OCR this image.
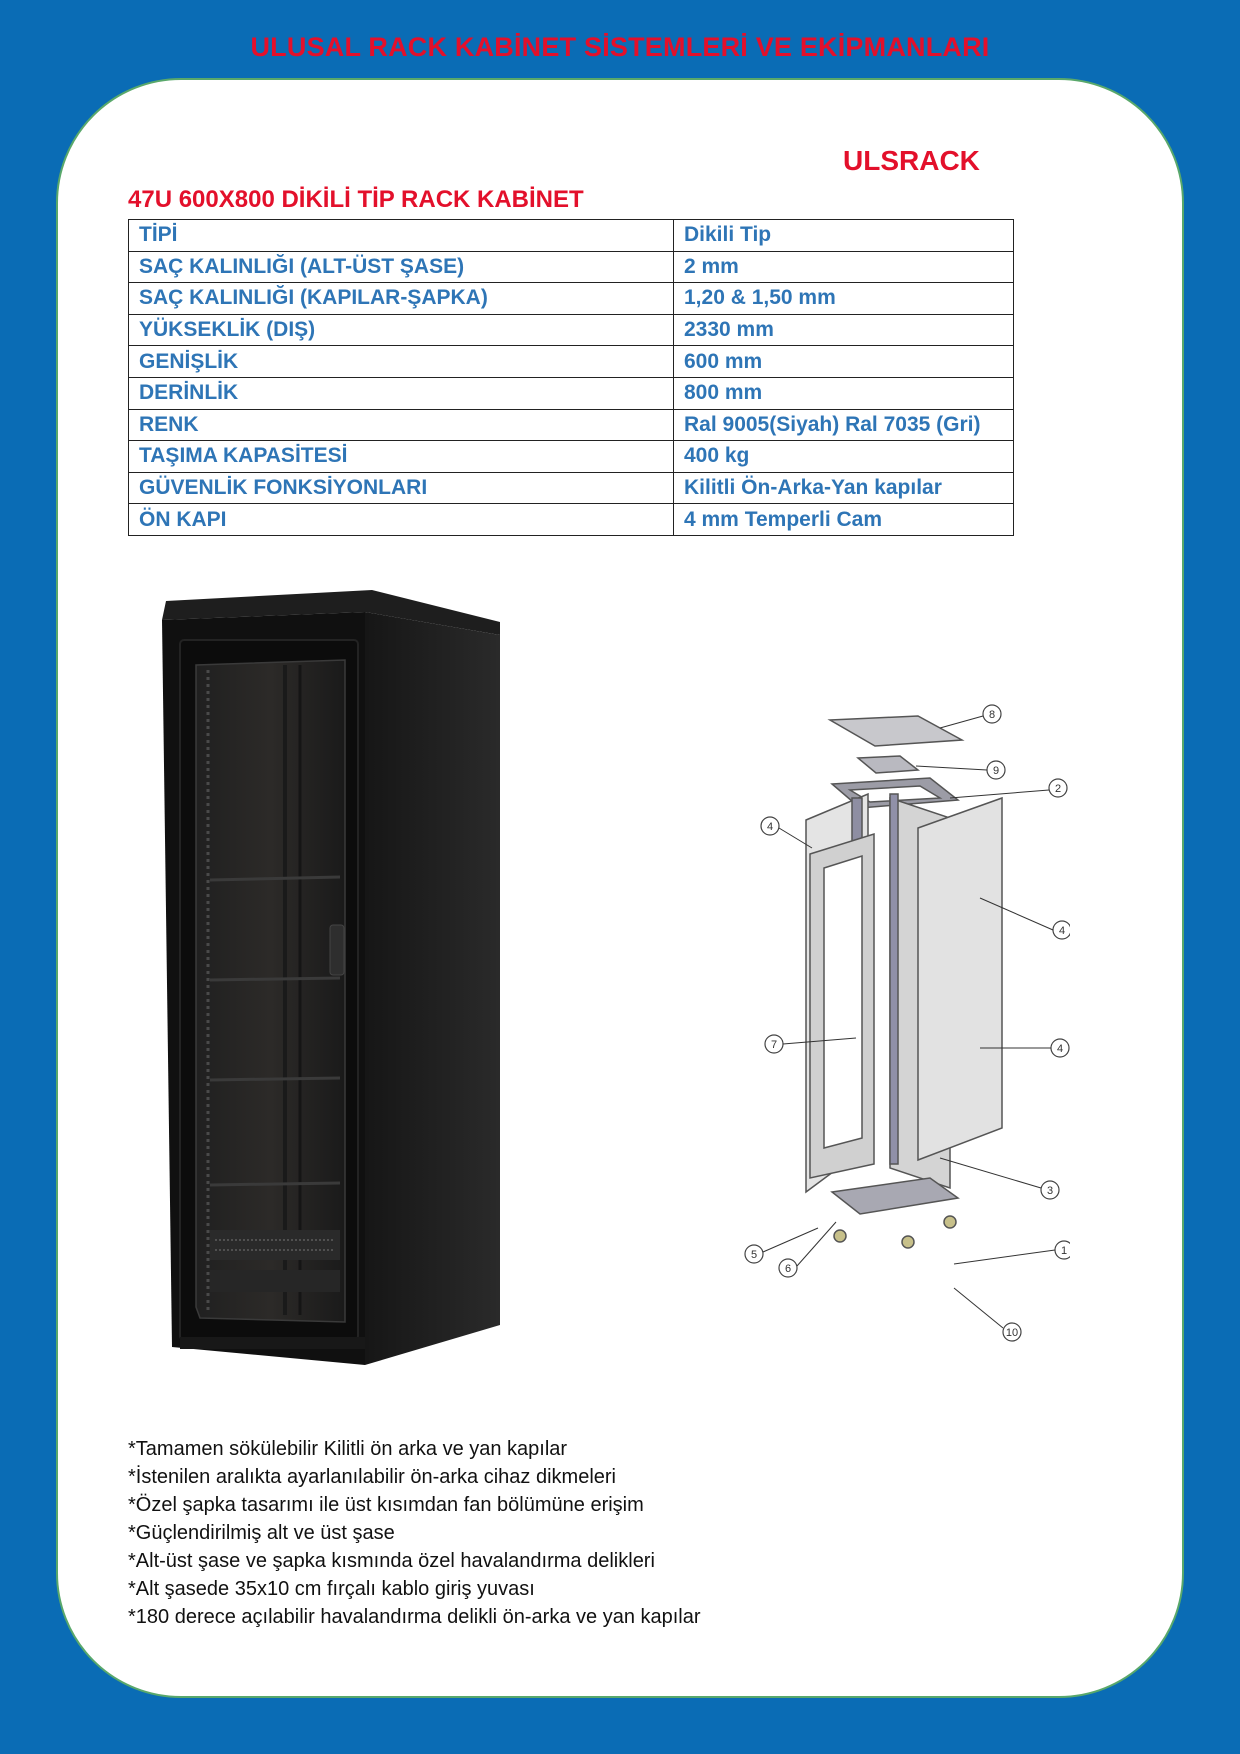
ULUSAL RACK KABİNET SİSTEMLERİ VE EKİPMANLARI
ULSRACK
47U 600X800 DİKİLİ TİP RACK KABİNET
TİPİ	Dikili Tip
SAÇ KALINLIĞI (ALT-ÜST ŞASE)	2 mm
SAÇ KALINLIĞI (KAPILAR-ŞAPKA)	1,20 & 1,50 mm
YÜKSEKLİK (DIŞ)	2330 mm
GENİŞLİK	600 mm
DERİNLİK	800 mm
RENK	Ral 9005(Siyah) Ral 7035 (Gri)
TAŞIMA KAPASİTESİ	400 kg
GÜVENLİK FONKSİYONLARI	Kilitli Ön-Arka-Yan kapılar
ÖN KAPI	4 mm Temperli Cam
8
9
2
4
4
4
7
3
5
6
1
10
*Tamamen sökülebilir Kilitli ön arka ve yan kapılar
*İstenilen aralıkta ayarlanılabilir ön-arka cihaz dikmeleri
*Özel şapka tasarımı ile üst kısımdan fan bölümüne erişim
*Güçlendirilmiş alt ve üst şase
*Alt-üst şase ve şapka kısmında özel havalandırma delikleri
*Alt şasede 35x10 cm fırçalı kablo giriş yuvası
*180 derece açılabilir havalandırma delikli ön-arka ve yan kapılar
